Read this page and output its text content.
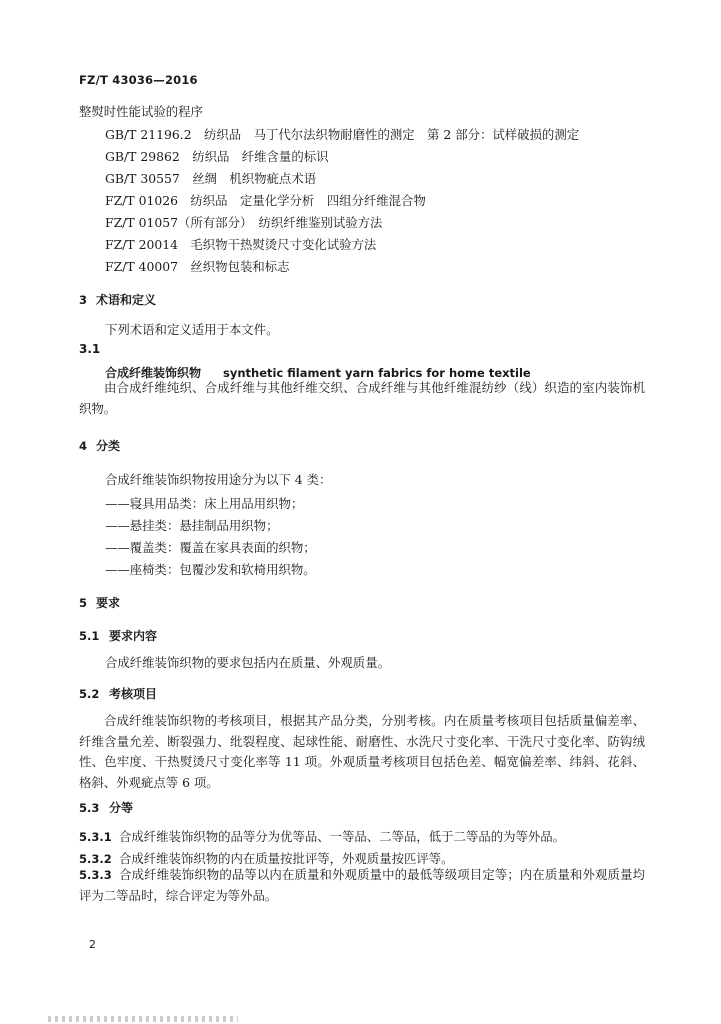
FZ/T 43036—2016
整熨时性能试验的程序
GB/T 21196.2　纺织品　马丁代尔法织物耐磨性的测定　第 2 部分：试样破损的测定
GB/T 29862　纺织品　纤维含量的标识
GB/T 30557　丝绸　机织物疵点术语
FZ/T 01026　纺织品　定量化学分析　四组分纤维混合物
FZ/T 01057（所有部分）　纺织纤维鉴别试验方法
FZ/T 20014　毛织物干热熨烫尺寸变化试验方法
FZ/T 40007　丝织物包装和标志
3 术语和定义
下列术语和定义适用于本文件。
3.1
合成纤维装饰织物 synthetic filament yarn fabrics for home textile
由合成纤维纯织、合成纤维与其他纤维交织、合成纤维与其他纤维混纺纱（线）织造的室内装饰机织物。
4 分类
合成纤维装饰织物按用途分为以下 4 类：
——寝具用品类：床上用品用织物；
——悬挂类：悬挂制品用织物；
——覆盖类：覆盖在家具表面的织物；
——座椅类：包覆沙发和软椅用织物。
5 要求
5.1 要求内容
合成纤维装饰织物的要求包括内在质量、外观质量。
5.2 考核项目
合成纤维装饰织物的考核项目，根据其产品分类，分别考核。内在质量考核项目包括质量偏差率、纤维含量允差、断裂强力、纰裂程度、起球性能、耐磨性、水洗尺寸变化率、干洗尺寸变化率、防钩绒性、色牢度、干热熨烫尺寸变化率等 11 项。外观质量考核项目包括色差、幅宽偏差率、纬斜、花斜、格斜、外观疵点等 6 项。
5.3 分等
5.3.1 合成纤维装饰织物的品等分为优等品、一等品、二等品，低于二等品的为等外品。
5.3.2 合成纤维装饰织物的内在质量按批评等，外观质量按匹评等。
5.3.3 合成纤维装饰织物的品等以内在质量和外观质量中的最低等级项目定等；内在质量和外观质量均评为二等品时，综合评定为等外品。
2
